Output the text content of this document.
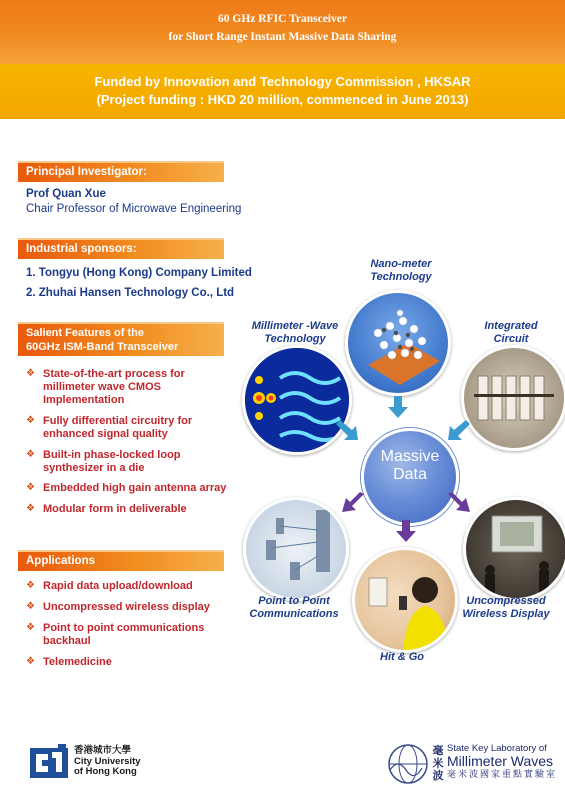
60 GHz RFIC Transceiver
for Short Range Instant Massive Data Sharing
Funded by Innovation and Technology Commission , HKSAR
(Project funding : HKD 20 million, commenced in June 2013)
Principal Investigator:
Prof Quan Xue
Chair Professor of Microwave Engineering
Industrial sponsors:
1. Tongyu (Hong Kong) Company Limited
2. Zhuhai Hansen Technology Co., Ltd
Salient Features of the
60GHz ISM-Band Transceiver
❖ State-of-the-art process for
millimeter wave CMOS
Implementation
❖ Fully differential circuitry for
enhanced signal quality
❖ Built-in phase-locked loop
synthesizer in a die
❖ Embedded high gain antenna array
❖ Modular form in deliverable
Applications
❖ Rapid data upload/download
❖ Uncompressed wireless display
❖ Point to point communications
backhaul
❖ Telemedicine
Nano-meter
Technology
Millimeter -Wave
Technology
Integrated
Circuit
Massive
Data
Point to Point
Communications
Hit & Go
Uncompressed
Wireless Display
香港城市大學
City University
of Hong Kong
毫米波
State Key Laboratory of
Millimeter Waves
毫米波國家重點實驗室
